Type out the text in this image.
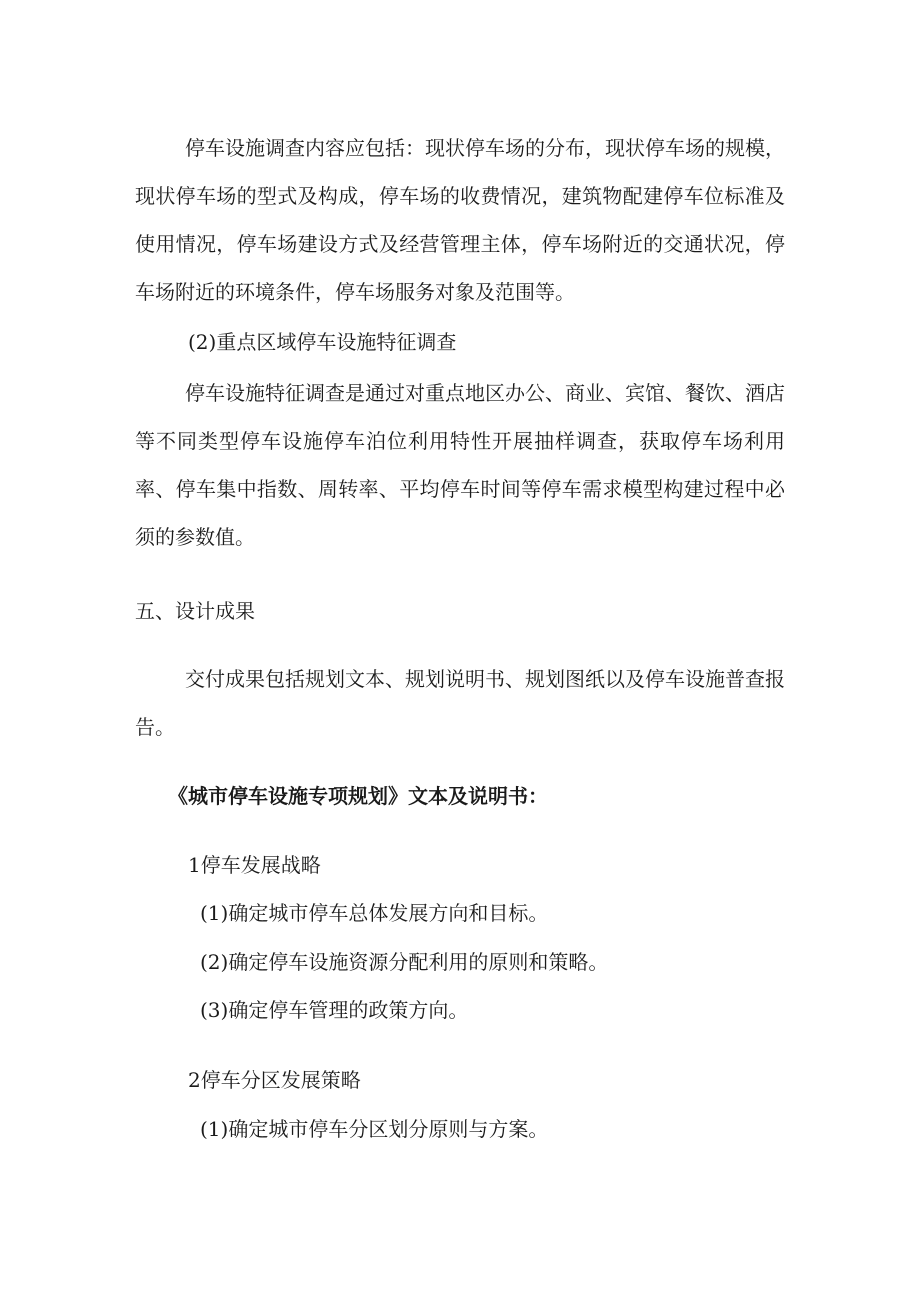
停车设施调查内容应包括：现状停车场的分布，现状停车场的规模，现状停车场的型式及构成，停车场的收费情况，建筑物配建停车位标准及使用情况，停车场建设方式及经营管理主体，停车场附近的交通状况，停车场附近的环境条件，停车场服务对象及范围等。

(2)重点区域停车设施特征调查

停车设施特征调查是通过对重点地区办公、商业、宾馆、餐饮、酒店等不同类型停车设施停车泊位利用特性开展抽样调查，获取停车场利用率、停车集中指数、周转率、平均停车时间等停车需求模型构建过程中必须的参数值。

五、设计成果

交付成果包括规划文本、规划说明书、规划图纸以及停车设施普查报告。

《城市停车设施专项规划》文本及说明书：

1停车发展战略

(1)确定城市停车总体发展方向和目标。

(2)确定停车设施资源分配利用的原则和策略。

(3)确定停车管理的政策方向。

2停车分区发展策略

(1)确定城市停车分区划分原则与方案。
